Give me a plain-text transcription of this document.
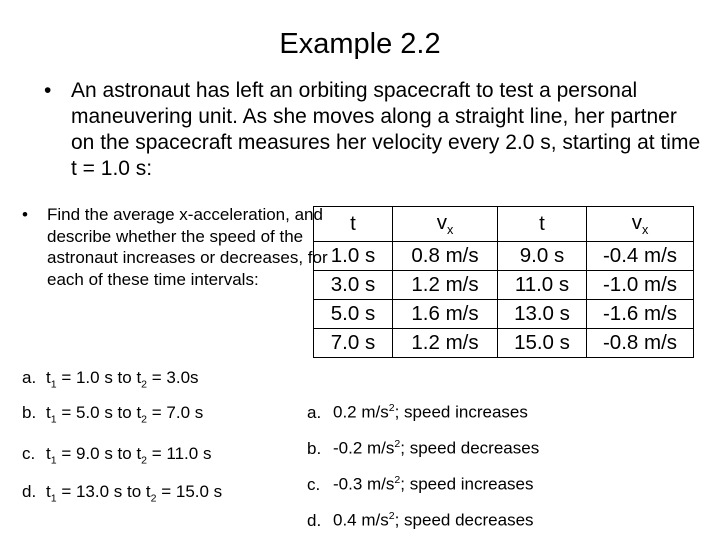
Example 2.2
• An astronaut has left an orbiting spacecraft to test a personal maneuvering unit. As she moves along a straight line, her partner on the spacecraft measures her velocity every 2.0 s, starting at time t = 1.0 s:
• Find the average x-acceleration, and describe whether the speed of the astronaut increases or decreases, for each of these time intervals:
t	$v_x$	t	$v_x$
1.0 s	0.8 m/s	9.0 s	-0.4 m/s
3.0 s	1.2 m/s	11.0 s	-1.0 m/s
5.0 s	1.6 m/s	13.0 s	-1.6 m/s
7.0 s	1.2 m/s	15.0 s	-0.8 m/s
a. $t_1 = 1.0$ s to $t_2 = 3.0s$
b. $t_1 = 5.0$ s to $t_2 = 7.0$ s
c. $t_1 = 9.0$ s to $t_2 = 11.0$ s
d. $t_1 = 13.0$ s to $t_2 = 15.0$ s
a. 0.2 $m/s^2$; speed increases
b. -0.2 $m/s^2$; speed decreases
c. -0.3 $m/s^2$; speed increases
d. 0.4 $m/s^2$; speed decreases
